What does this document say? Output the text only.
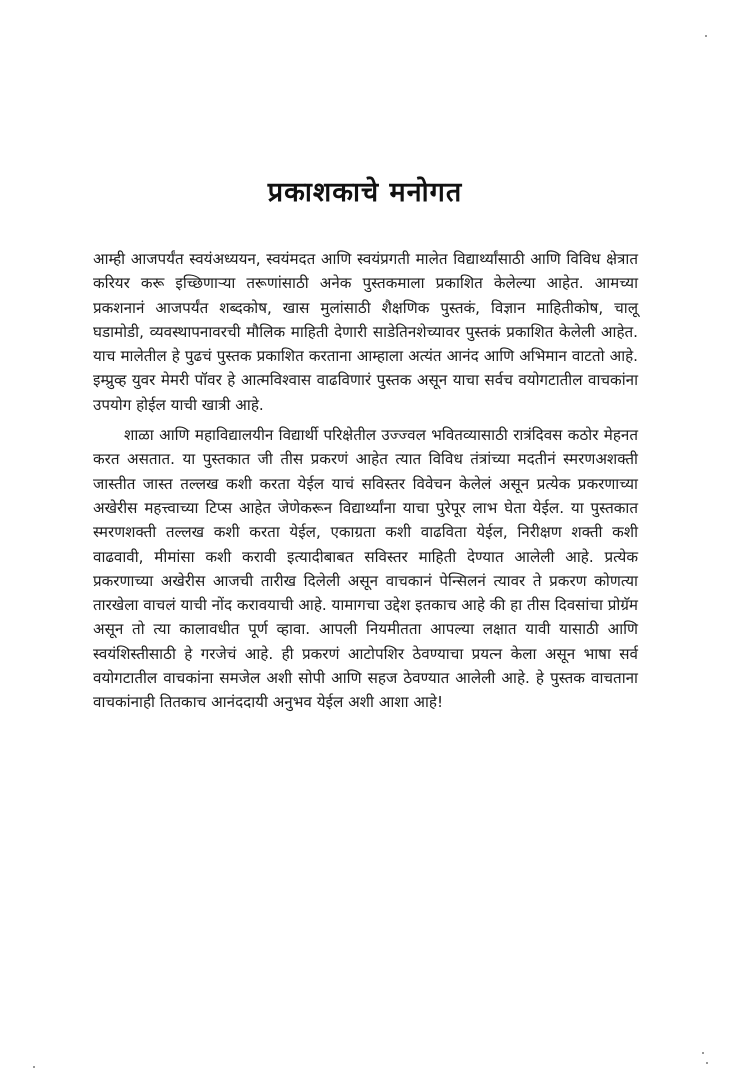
प्रकाशकाचे मनोगत

आम्ही आजपर्यंत स्वयंअध्ययन, स्वयंमदत आणि स्वयंप्रगती मालेत विद्यार्थ्यांसाठी आणि विविध क्षेत्रात करियर करू इच्छिणाऱ्या तरूणांसाठी अनेक पुस्तकमाला प्रकाशित केलेल्या आहेत. आमच्या प्रकशनानं आजपर्यंत शब्दकोष, खास मुलांसाठी शैक्षणिक पुस्तकं, विज्ञान माहितीकोष, चालू घडामोडी, व्यवस्थापनावरची मौलिक माहिती देणारी साडेतिनशेच्यावर पुस्तकं प्रकाशित केलेली आहेत. याच मालेतील हे पुढचं पुस्तक प्रकाशित करताना आम्हाला अत्यंत आनंद आणि अभिमान वाटतो आहे. इम्प्रुव्ह युवर मेमरी पॉवर हे आत्मविश्वास वाढविणारं पुस्तक असून याचा सर्वच वयोगटातील वाचकांना उपयोग होईल याची खात्री आहे.

शाळा आणि महाविद्यालयीन विद्यार्थी परिक्षेतील उज्ज्वल भवितव्यासाठी रात्रंदिवस कठोर मेहनत करत असतात. या पुस्तकात जी तीस प्रकरणं आहेत त्यात विविध तंत्रांच्या मदतीनं स्मरणअशक्ती जास्तीत जास्त तल्लख कशी करता येईल याचं सविस्तर विवेचन केलेलं असून प्रत्येक प्रकरणाच्या अखेरीस महत्त्वाच्या टिप्स आहेत जेणेकरून विद्यार्थ्यांना याचा पुरेपूर लाभ घेता येईल. या पुस्तकात स्मरणशक्ती तल्लख कशी करता येईल, एकाग्रता कशी वाढविता येईल, निरीक्षण शक्ती कशी वाढवावी, मीमांसा कशी करावी इत्यादीबाबत सविस्तर माहिती देण्यात आलेली आहे. प्रत्येक प्रकरणाच्या अखेरीस आजची तारीख दिलेली असून वाचकानं पेन्सिलनं त्यावर ते प्रकरण कोणत्या तारखेला वाचलं याची नोंद करावयाची आहे. यामागचा उद्देश इतकाच आहे की हा तीस दिवसांचा प्रोग्रॅम असून तो त्या कालावधीत पूर्ण व्हावा. आपली नियमीतता आपल्या लक्षात यावी यासाठी आणि स्वयंशिस्तीसाठी हे गरजेचं आहे. ही प्रकरणं आटोपशिर ठेवण्याचा प्रयत्न केला असून भाषा सर्व वयोगटातील वाचकांना समजेल अशी सोपी आणि सहज ठेवण्यात आलेली आहे. हे पुस्तक वाचताना वाचकांनाही तितकाच आनंददायी अनुभव येईल अशी आशा आहे!
